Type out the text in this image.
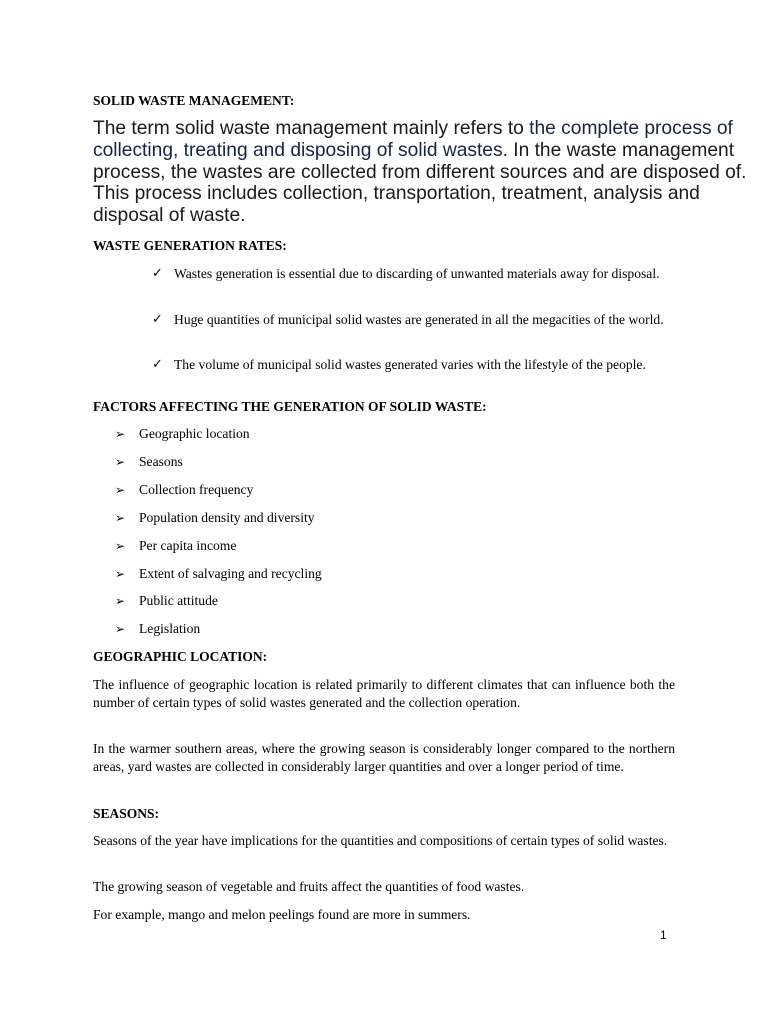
SOLID WASTE MANAGEMENT:

The term solid waste management mainly refers to the complete process of collecting, treating and disposing of solid wastes. In the waste management process, the wastes are collected from different sources and are disposed of. This process includes collection, transportation, treatment, analysis and disposal of waste.

WASTE GENERATION RATES:

✓ Wastes generation is essential due to discarding of unwanted materials away for disposal.
✓ Huge quantities of municipal solid wastes are generated in all the megacities of the world.
✓ The volume of municipal solid wastes generated varies with the lifestyle of the people.

FACTORS AFFECTING THE GENERATION OF SOLID WASTE:

➢ Geographic location
➢ Seasons
➢ Collection frequency
➢ Population density and diversity
➢ Per capita income
➢ Extent of salvaging and recycling
➢ Public attitude
➢ Legislation

GEOGRAPHIC LOCATION:

The influence of geographic location is related primarily to different climates that can influence both the number of certain types of solid wastes generated and the collection operation.

In the warmer southern areas, where the growing season is considerably longer compared to the northern areas, yard wastes are collected in considerably larger quantities and over a longer period of time.

SEASONS:

Seasons of the year have implications for the quantities and compositions of certain types of solid wastes.

The growing season of vegetable and fruits affect the quantities of food wastes.

For example, mango and melon peelings found are more in summers.

1
